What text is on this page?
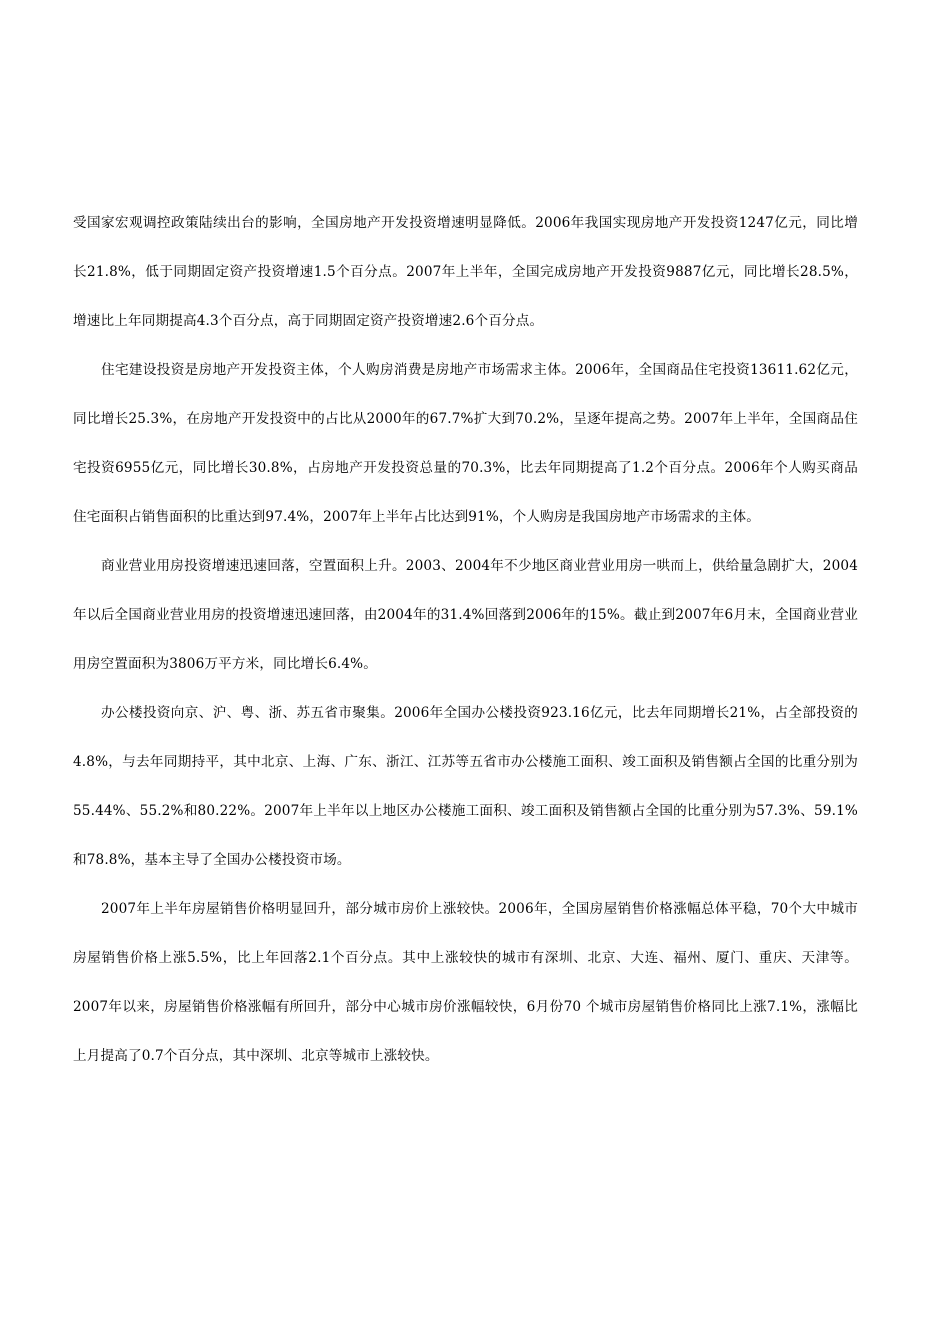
受国家宏观调控政策陆续出台的影响，全国房地产开发投资增速明显降低。2006年我国实现房地产开发投资1247亿元，同比增长21.8%，低于同期固定资产投资增速1.5个百分点。2007年上半年，全国完成房地产开发投资9887亿元，同比增长28.5%，增速比上年同期提高4.3个百分点，高于同期固定资产投资增速2.6个百分点。

住宅建设投资是房地产开发投资主体，个人购房消费是房地产市场需求主体。2006年，全国商品住宅投资13611.62亿元，同比增长25.3%，在房地产开发投资中的占比从2000年的67.7%扩大到70.2%，呈逐年提高之势。2007年上半年，全国商品住宅投资6955亿元，同比增长30.8%，占房地产开发投资总量的70.3%，比去年同期提高了1.2个百分点。2006年个人购买商品住宅面积占销售面积的比重达到97.4%，2007年上半年占比达到91%，个人购房是我国房地产市场需求的主体。

商业营业用房投资增速迅速回落，空置面积上升。2003、2004年不少地区商业营业用房一哄而上，供给量急剧扩大，2004年以后全国商业营业用房的投资增速迅速回落，由2004年的31.4%回落到2006年的15%。截止到2007年6月末，全国商业营业用房空置面积为3806万平方米，同比增长6.4%。

办公楼投资向京、沪、粤、浙、苏五省市聚集。2006年全国办公楼投资923.16亿元，比去年同期增长21%，占全部投资的4.8%，与去年同期持平，其中北京、上海、广东、浙江、江苏等五省市办公楼施工面积、竣工面积及销售额占全国的比重分别为55.44%、55.2%和80.22%。2007年上半年以上地区办公楼施工面积、竣工面积及销售额占全国的比重分别为57.3%、59.1%和78.8%，基本主导了全国办公楼投资市场。

2007年上半年房屋销售价格明显回升，部分城市房价上涨较快。2006年，全国房屋销售价格涨幅总体平稳，70个大中城市房屋销售价格上涨5.5%，比上年回落2.1个百分点。其中上涨较快的城市有深圳、北京、大连、福州、厦门、重庆、天津等。2007年以来，房屋销售价格涨幅有所回升，部分中心城市房价涨幅较快，6月份70 个城市房屋销售价格同比上涨7.1%，涨幅比上月提高了0.7个百分点，其中深圳、北京等城市上涨较快。
